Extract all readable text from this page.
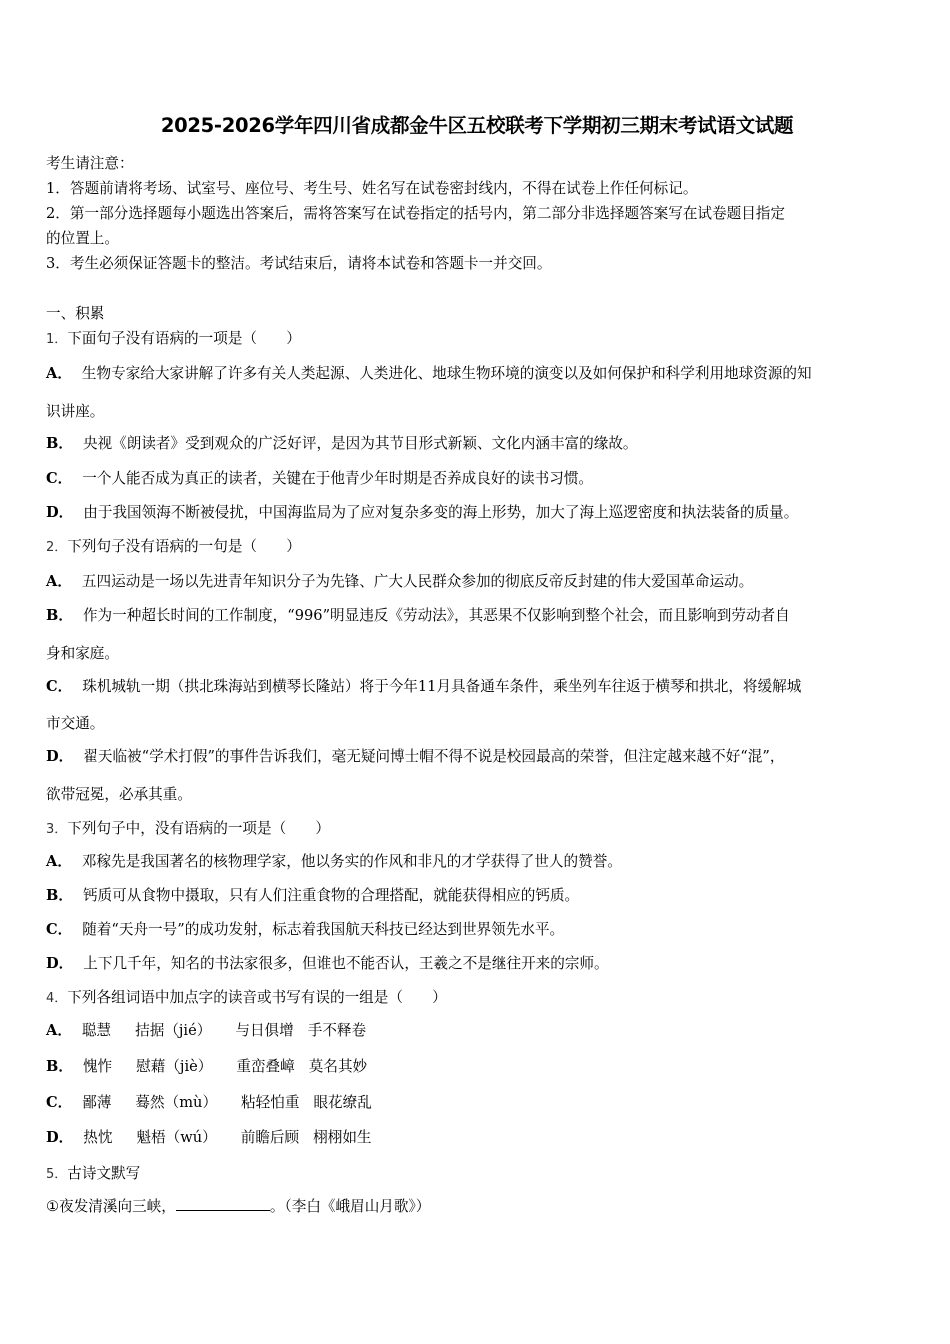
2025-2026学年四川省成都金牛区五校联考下学期初三期末考试语文试题
考生请注意：
1．答题前请将考场、试室号、座位号、考生号、姓名写在试卷密封线内，不得在试卷上作任何标记。
2．第一部分选择题每小题选出答案后，需将答案写在试卷指定的括号内，第二部分非选择题答案写在试卷题目指定
的位置上。
3．考生必须保证答题卡的整洁。考试结束后，请将本试卷和答题卡一并交回。
一、积累
1．下面句子没有语病的一项是（　　）
A． 生物专家给大家讲解了许多有关人类起源、人类进化、地球生物环境的演变以及如何保护和科学利用地球资源的知
识讲座。
B． 央视《朗读者》受到观众的广泛好评，是因为其节目形式新颖、文化内涵丰富的缘故。
C． 一个人能否成为真正的读者，关键在于他青少年时期是否养成良好的读书习惯。
D． 由于我国领海不断被侵扰，中国海监局为了应对复杂多变的海上形势，加大了海上巡逻密度和执法装备的质量。
2．下列句子没有语病的一句是（　　）
A． 五四运动是一场以先进青年知识分子为先锋、广大人民群众参加的彻底反帝反封建的伟大爱国革命运动。
B． 作为一种超长时间的工作制度，“996”明显违反《劳动法》，其恶果不仅影响到整个社会，而且影响到劳动者自
身和家庭。
C． 珠机城轨一期（拱北珠海站到横琴长隆站）将于今年11月具备通车条件，乘坐列车往返于横琴和拱北，将缓解城
市交通。
D． 翟天临被“学术打假”的事件告诉我们，毫无疑问博士帽不得不说是校园最高的荣誉，但注定越来越不好“混”，
欲带冠冕，必承其重。
3．下列句子中，没有语病的一项是（　　）
A． 邓稼先是我国著名的核物理学家，他以务实的作风和非凡的才学获得了世人的赞誉。
B． 钙质可从食物中摄取，只有人们注重食物的合理搭配，就能获得相应的钙质。
C． 随着“天舟一号”的成功发射，标志着我国航天科技已经达到世界领先水平。
D． 上下几千年，知名的书法家很多，但谁也不能否认，王羲之不是继往开来的宗师。
4．下列各组词语中加点字的读音或书写有误的一组是（　　）
A． 聪慧 拮据（jié） 与日俱增 手不释卷
B． 愧怍 慰藉（jiè） 重峦叠嶂 莫名其妙
C． 鄙薄 蓦然（mù） 粘轻怕重 眼花缭乱
D． 热忱 魁梧（wú） 前瞻后顾 栩栩如生
5．古诗文默写
①夜发清溪向三峡，	。（李白《峨眉山月歌》）
